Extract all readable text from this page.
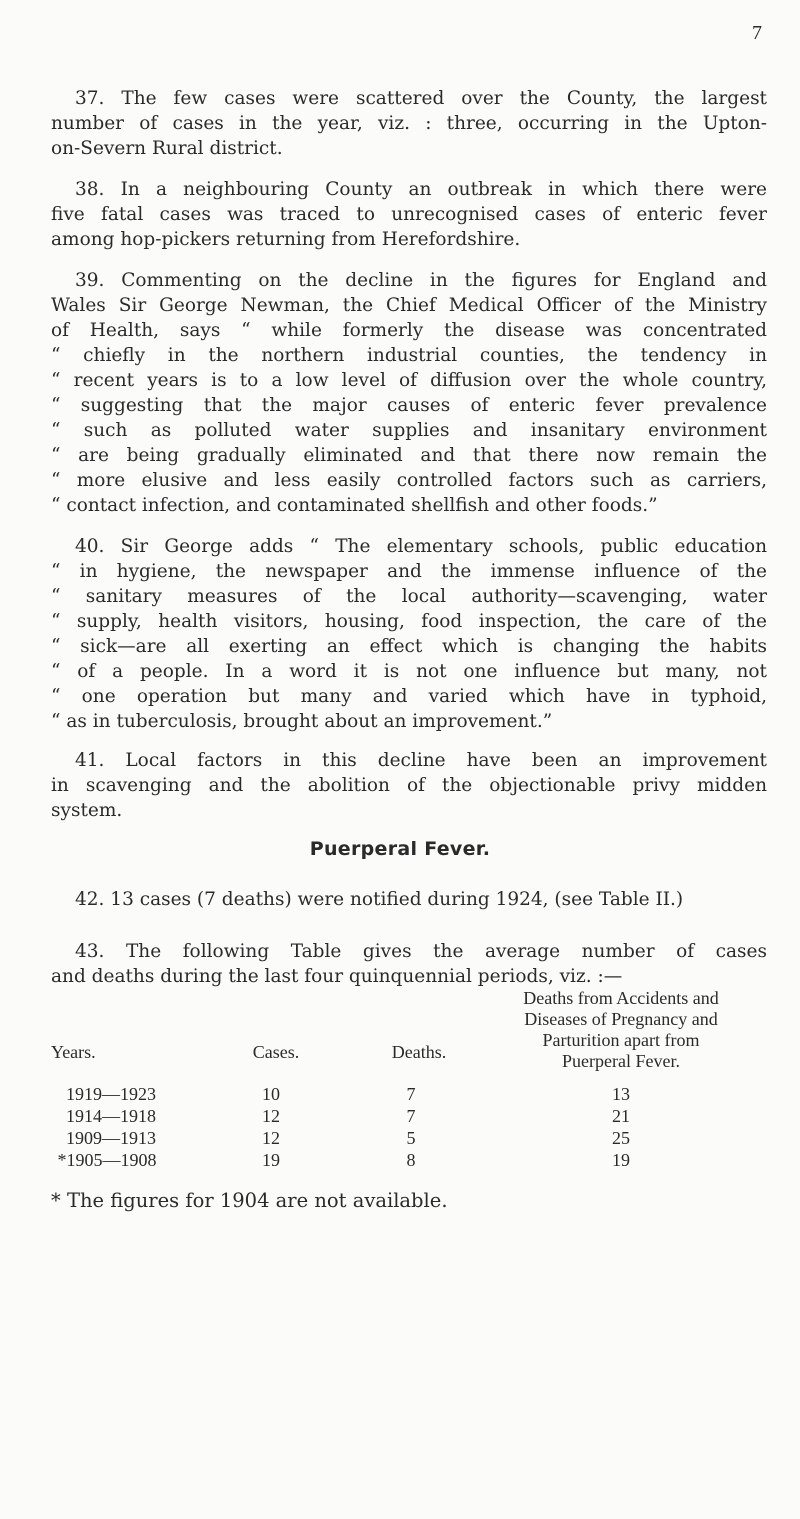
7
37. The few cases were scattered over the County, the largest
number of cases in the year, viz. : three, occurring in the Upton-
on-Severn Rural district.
38. In a neighbouring County an outbreak in which there were
five fatal cases was traced to unrecognised cases of enteric fever
among hop-pickers returning from Herefordshire.
39. Commenting on the decline in the figures for England and
Wales Sir George Newman, the Chief Medical Officer of the Ministry
of Health, says “ while formerly the disease was concentrated
“ chiefly in the northern industrial counties, the tendency in
“ recent years is to a low level of diffusion over the whole country,
“ suggesting that the major causes of enteric fever prevalence
“ such as polluted water supplies and insanitary environment
“ are being gradually eliminated and that there now remain the
“ more elusive and less easily controlled factors such as carriers,
“ contact infection, and contaminated shellfish and other foods.”
40. Sir George adds “ The elementary schools, public education
“ in hygiene, the newspaper and the immense influence of the
“ sanitary measures of the local authority—scavenging, water
“ supply, health visitors, housing, food inspection, the care of the
“ sick—are all exerting an effect which is changing the habits
“ of a people. In a word it is not one influence but many, not
“ one operation but many and varied which have in typhoid,
“ as in tuberculosis, brought about an improvement.”
41. Local factors in this decline have been an improvement
in scavenging and the abolition of the objectionable privy midden
system.
Puerperal Fever.
42. 13 cases (7 deaths) were notified during 1924, (see Table II.)
43. The following Table gives the average number of cases
and deaths during the last four quinquennial periods, viz. :—
Years.	Cases.	Deaths.
Deaths from Accidents and
Diseases of Pregnancy and
Parturition apart from
Puerperal Fever.
1919—1923	10	7	13
1914—1918	12	7	21
1909—1913	12	5	25
*1905—1908	19	8	19
* The figures for 1904 are not available.
